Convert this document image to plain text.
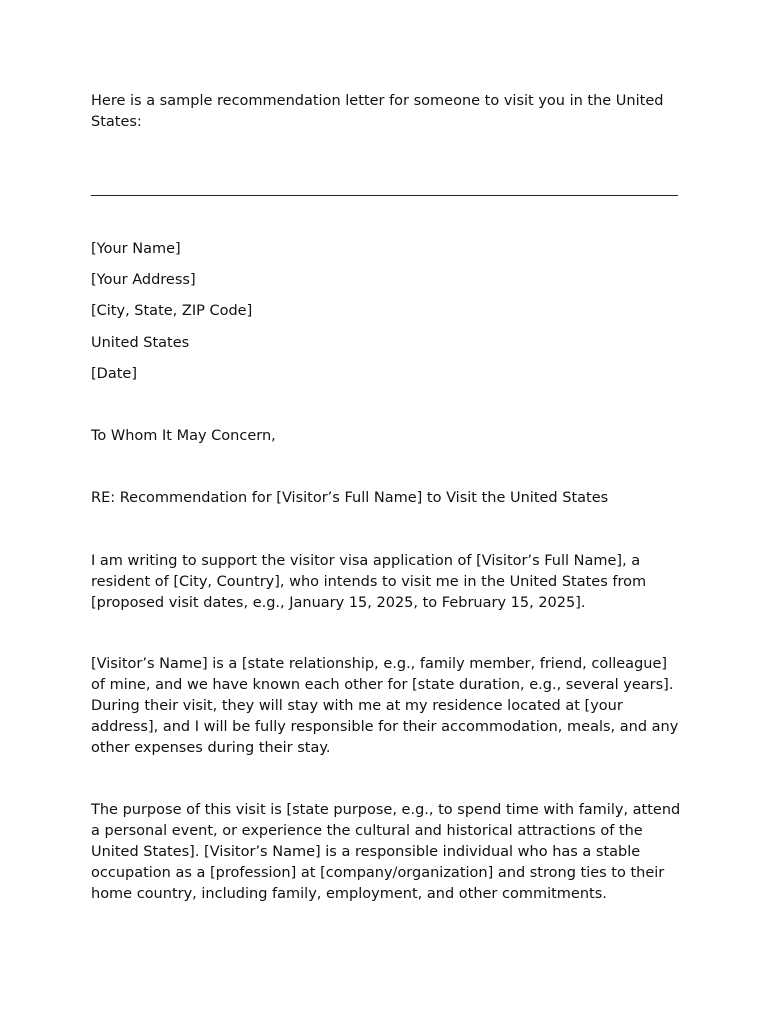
Here is a sample recommendation letter for someone to visit you in the United States:

[Your Name]

[Your Address]

[City, State, ZIP Code]

United States

[Date]

To Whom It May Concern,

RE: Recommendation for [Visitor’s Full Name] to Visit the United States

I am writing to support the visitor visa application of [Visitor’s Full Name], a resident of [City, Country], who intends to visit me in the United States from [proposed visit dates, e.g., January 15, 2025, to February 15, 2025].

[Visitor’s Name] is a [state relationship, e.g., family member, friend, colleague] of mine, and we have known each other for [state duration, e.g., several years]. During their visit, they will stay with me at my residence located at [your address], and I will be fully responsible for their accommodation, meals, and any other expenses during their stay.

The purpose of this visit is [state purpose, e.g., to spend time with family, attend a personal event, or experience the cultural and historical attractions of the United States]. [Visitor’s Name] is a responsible individual who has a stable occupation as a [profession] at [company/organization] and strong ties to their home country, including family, employment, and other commitments.
